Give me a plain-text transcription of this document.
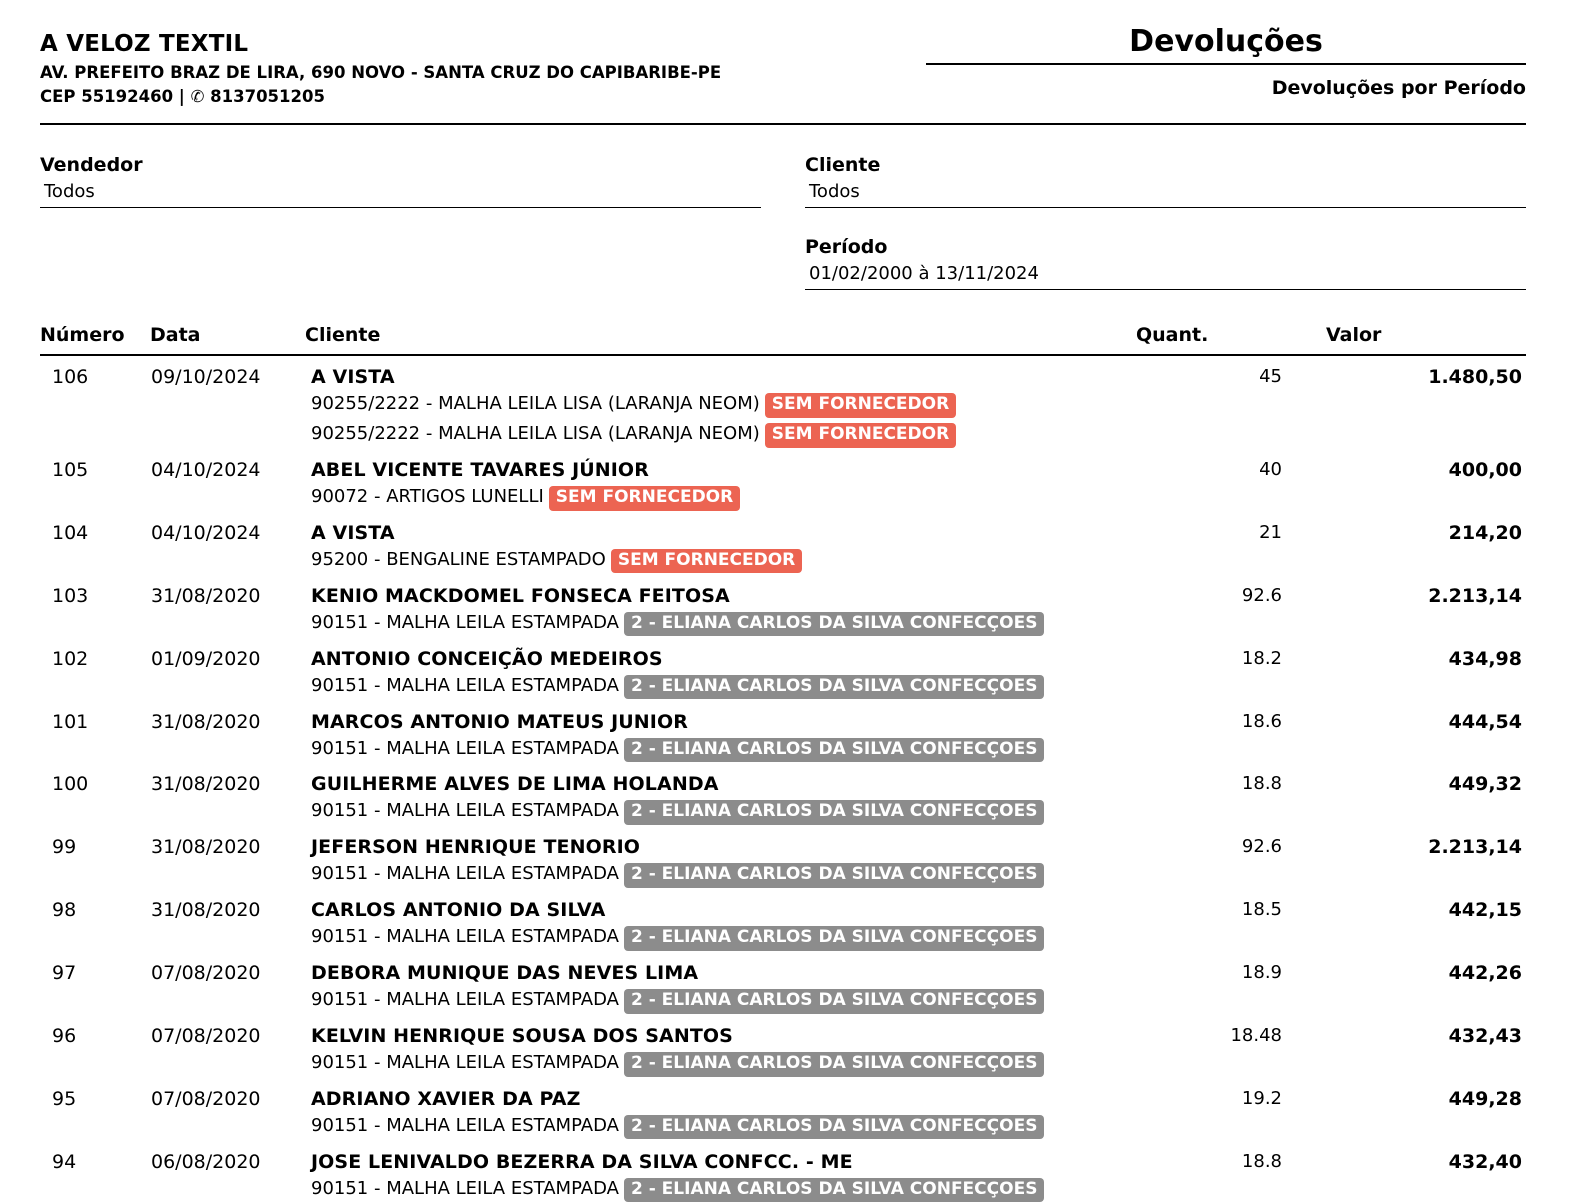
A VELOZ TEXTIL
AV. PREFEITO BRAZ DE LIRA, 690 NOVO - SANTA CRUZ DO CAPIBARIBE-PE
CEP 55192460 | ✆ 8137051205
Devoluções
Devoluções por Período
Vendedor
Todos
Cliente
Todos
Período
01/02/2000 à 13/11/2024
Número	Data	Cliente	Quant.	Valor
106	09/10/2024	A VISTA
90255/2222 - MALHA LEILA LISA (LARANJA NEOM) SEM FORNECEDOR
90255/2222 - MALHA LEILA LISA (LARANJA NEOM) SEM FORNECEDOR	45	1.480,50
105	04/10/2024	ABEL VICENTE TAVARES JÚNIOR
90072 - ARTIGOS LUNELLI SEM FORNECEDOR	40	400,00
104	04/10/2024	A VISTA
95200 - BENGALINE ESTAMPADO SEM FORNECEDOR	21	214,20
103	31/08/2020	KENIO MACKDOMEL FONSECA FEITOSA
90151 - MALHA LEILA ESTAMPADA 2 - ELIANA CARLOS DA SILVA CONFECÇOES	92.6	2.213,14
102	01/09/2020	ANTONIO CONCEIÇÃO MEDEIROS
90151 - MALHA LEILA ESTAMPADA 2 - ELIANA CARLOS DA SILVA CONFECÇOES	18.2	434,98
101	31/08/2020	MARCOS ANTONIO MATEUS JUNIOR
90151 - MALHA LEILA ESTAMPADA 2 - ELIANA CARLOS DA SILVA CONFECÇOES	18.6	444,54
100	31/08/2020	GUILHERME ALVES DE LIMA HOLANDA
90151 - MALHA LEILA ESTAMPADA 2 - ELIANA CARLOS DA SILVA CONFECÇOES	18.8	449,32
99	31/08/2020	JEFERSON HENRIQUE TENORIO
90151 - MALHA LEILA ESTAMPADA 2 - ELIANA CARLOS DA SILVA CONFECÇOES	92.6	2.213,14
98	31/08/2020	CARLOS ANTONIO DA SILVA
90151 - MALHA LEILA ESTAMPADA 2 - ELIANA CARLOS DA SILVA CONFECÇOES	18.5	442,15
97	07/08/2020	DEBORA MUNIQUE DAS NEVES LIMA
90151 - MALHA LEILA ESTAMPADA 2 - ELIANA CARLOS DA SILVA CONFECÇOES	18.9	442,26
96	07/08/2020	KELVIN HENRIQUE SOUSA DOS SANTOS
90151 - MALHA LEILA ESTAMPADA 2 - ELIANA CARLOS DA SILVA CONFECÇOES	18.48	432,43
95	07/08/2020	ADRIANO XAVIER DA PAZ
90151 - MALHA LEILA ESTAMPADA 2 - ELIANA CARLOS DA SILVA CONFECÇOES	19.2	449,28
94	06/08/2020	JOSE LENIVALDO BEZERRA DA SILVA CONFCC. - ME
90151 - MALHA LEILA ESTAMPADA 2 - ELIANA CARLOS DA SILVA CONFECÇOES	18.8	432,40
